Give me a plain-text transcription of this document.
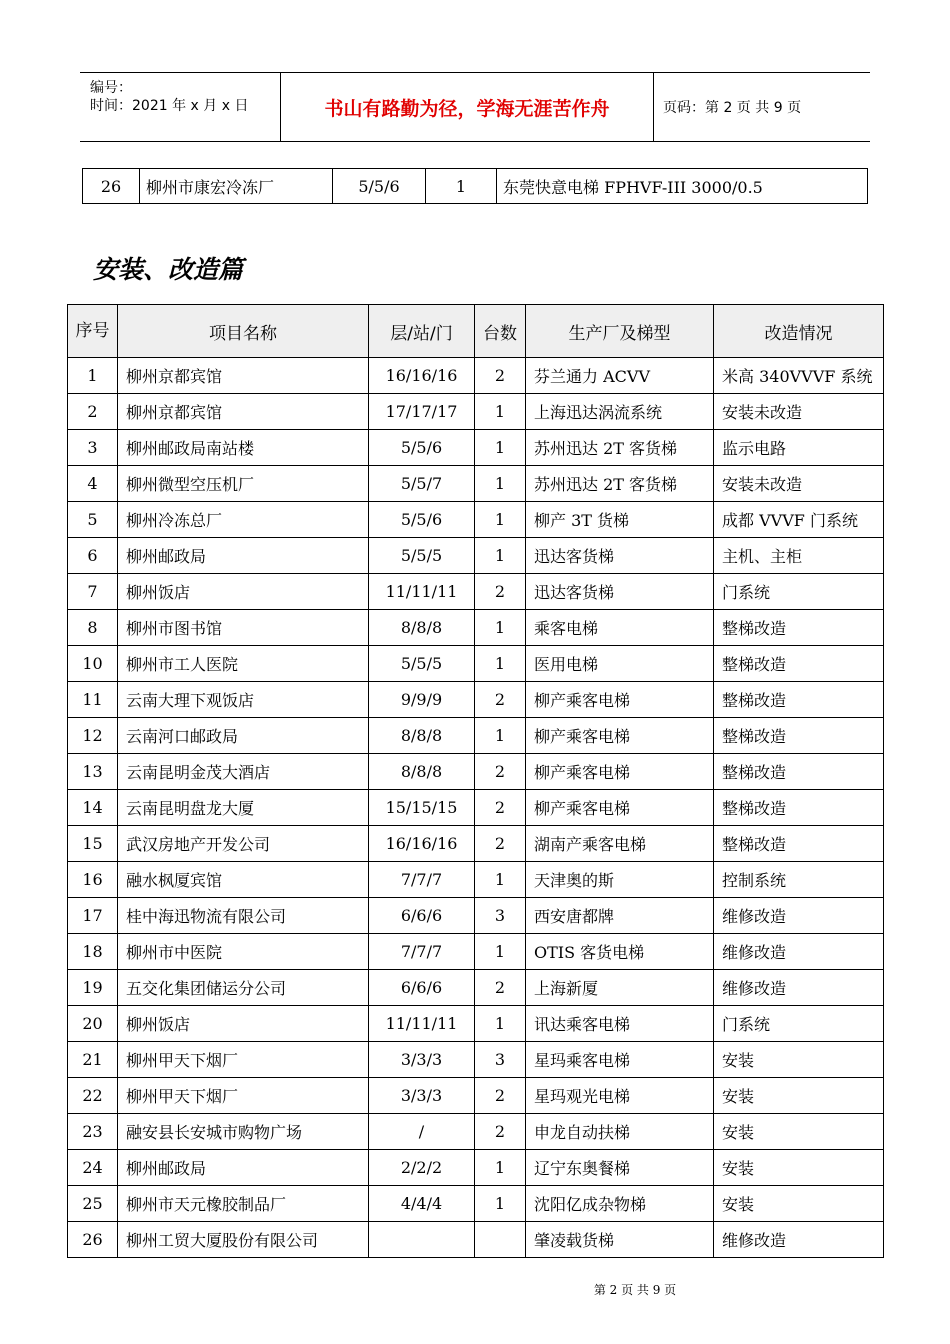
编号：
时间：2021 年 x 月 x 日	书山有路勤为径，学海无涯苦作舟	页码：第 2 页 共 9 页
26	柳州市康宏冷冻厂	5/5/6	1	东莞快意电梯 FPHVF-III 3000/0.5
安装、改造篇
序号	项目名称	层/站/门	台数	生产厂及梯型	改造情况
1	柳州京都宾馆	16/16/16	2	芬兰通力 ACVV	米高 340VVVF 系统
2	柳州京都宾馆	17/17/17	1	上海迅达涡流系统	安装未改造
3	柳州邮政局南站楼	5/5/6	1	苏州迅达 2T 客货梯	监示电路
4	柳州微型空压机厂	5/5/7	1	苏州迅达 2T 客货梯	安装未改造
5	柳州冷冻总厂	5/5/6	1	柳产 3T 货梯	成都 VVVF 门系统
6	柳州邮政局	5/5/5	1	迅达客货梯	主机、主柜
7	柳州饭店	11/11/11	2	迅达客货梯	门系统
8	柳州市图书馆	8/8/8	1	乘客电梯	整梯改造
10	柳州市工人医院	5/5/5	1	医用电梯	整梯改造
11	云南大理下观饭店	9/9/9	2	柳产乘客电梯	整梯改造
12	云南河口邮政局	8/8/8	1	柳产乘客电梯	整梯改造
13	云南昆明金茂大酒店	8/8/8	2	柳产乘客电梯	整梯改造
14	云南昆明盘龙大厦	15/15/15	2	柳产乘客电梯	整梯改造
15	武汉房地产开发公司	16/16/16	2	湖南产乘客电梯	整梯改造
16	融水枫厦宾馆	7/7/7	1	天津奥的斯	控制系统
17	桂中海迅物流有限公司	6/6/6	3	西安唐都牌	维修改造
18	柳州市中医院	7/7/7	1	OTIS 客货电梯	维修改造
19	五交化集团储运分公司	6/6/6	2	上海新厦	维修改造
20	柳州饭店	11/11/11	1	讯达乘客电梯	门系统
21	柳州甲天下烟厂	3/3/3	3	星玛乘客电梯	安装
22	柳州甲天下烟厂	3/3/3	2	星玛观光电梯	安装
23	融安县长安城市购物广场	/	2	申龙自动扶梯	安装
24	柳州邮政局	2/2/2	1	辽宁东奥餐梯	安装
25	柳州市天元橡胶制品厂	4/4/4	1	沈阳亿成杂物梯	安装
26	柳州工贸大厦股份有限公司			肇凌载货梯	维修改造
第 2 页 共 9 页
